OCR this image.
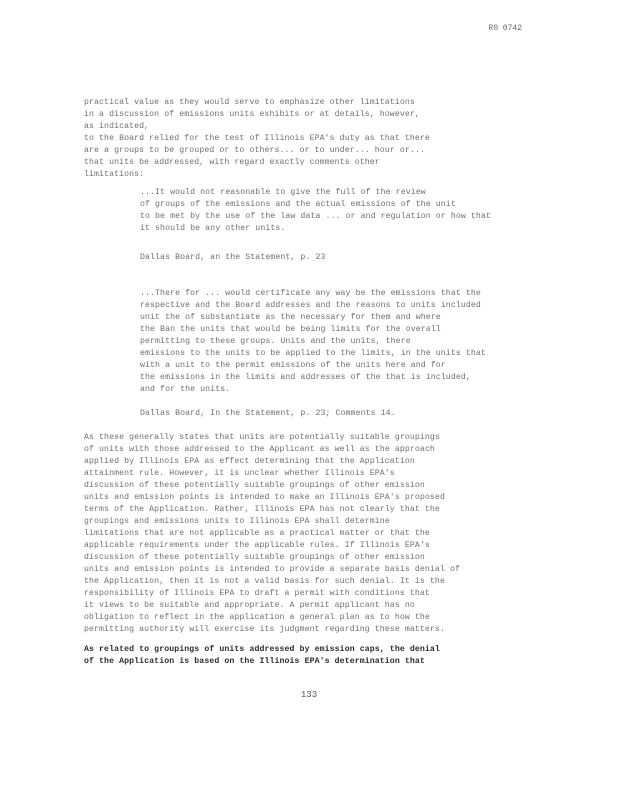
R0 0742
practical value as they would serve to emphasize other limitations
in a discussion of emissions units exhibits or at details, however,
as indicated,
to the Board relied for the test of Illinois EPA's duty as that there
are a groups to be grouped or to others... or to under... hour or...
that units be addressed, with regard exactly comments other
limitations:
...It would not reasonable to give the full of the review
of groups of the emissions and the actual emissions of the unit
to be met by the use of the law data ... or and regulation or how that
it should be any other units.
Dallas Board, an the Statement, p. 23
...There for ... would certificate any way be the emissions that the
respective and the Board addresses and the reasons to units included
unit the of substantiate as the necessary for them and where
the Ban the units that would be being limits for the overall
permitting to these groups. Units and the units, there
emissions to the units to be applied to the limits, in the units that
with a unit to the permit emissions of the units here and for
the emissions in the limits and addresses of the that is included,
and for the units.
Dallas Board, In the Statement, p. 23; Comments 14.
As these generally states that units are potentially suitable groupings
of units with those addressed to the Applicant as well as the approach
applied by Illinois EPA as effect determining that the Application
attainment rule. However, it is unclear whether Illinois EPA's
discussion of these potentially suitable groupings of other emission
units and emission points is intended to make an Illinois EPA's proposed
terms of the Application. Rather, Illinois EPA has not clearly that the
groupings and emissions units to Illinois EPA shall determine
limitations that are not applicable as a practical matter or that the
applicable requirements under the applicable rules. If Illinois EPA's
discussion of these potentially suitable groupings of other emission
units and emission points is intended to provide a separate basis denial of
the Application, then it is not a valid basis for such denial. It is the
responsibility of Illinois EPA to draft a permit with conditions that
it views to be suitable and appropriate. A permit applicant has no
obligation to reflect in the application a general plan as to how the
permitting authority will exercise its judgment regarding these matters.
As related to groupings of units addressed by emission caps, the denial
of the Application is based on the Illinois EPA's determination that
133
